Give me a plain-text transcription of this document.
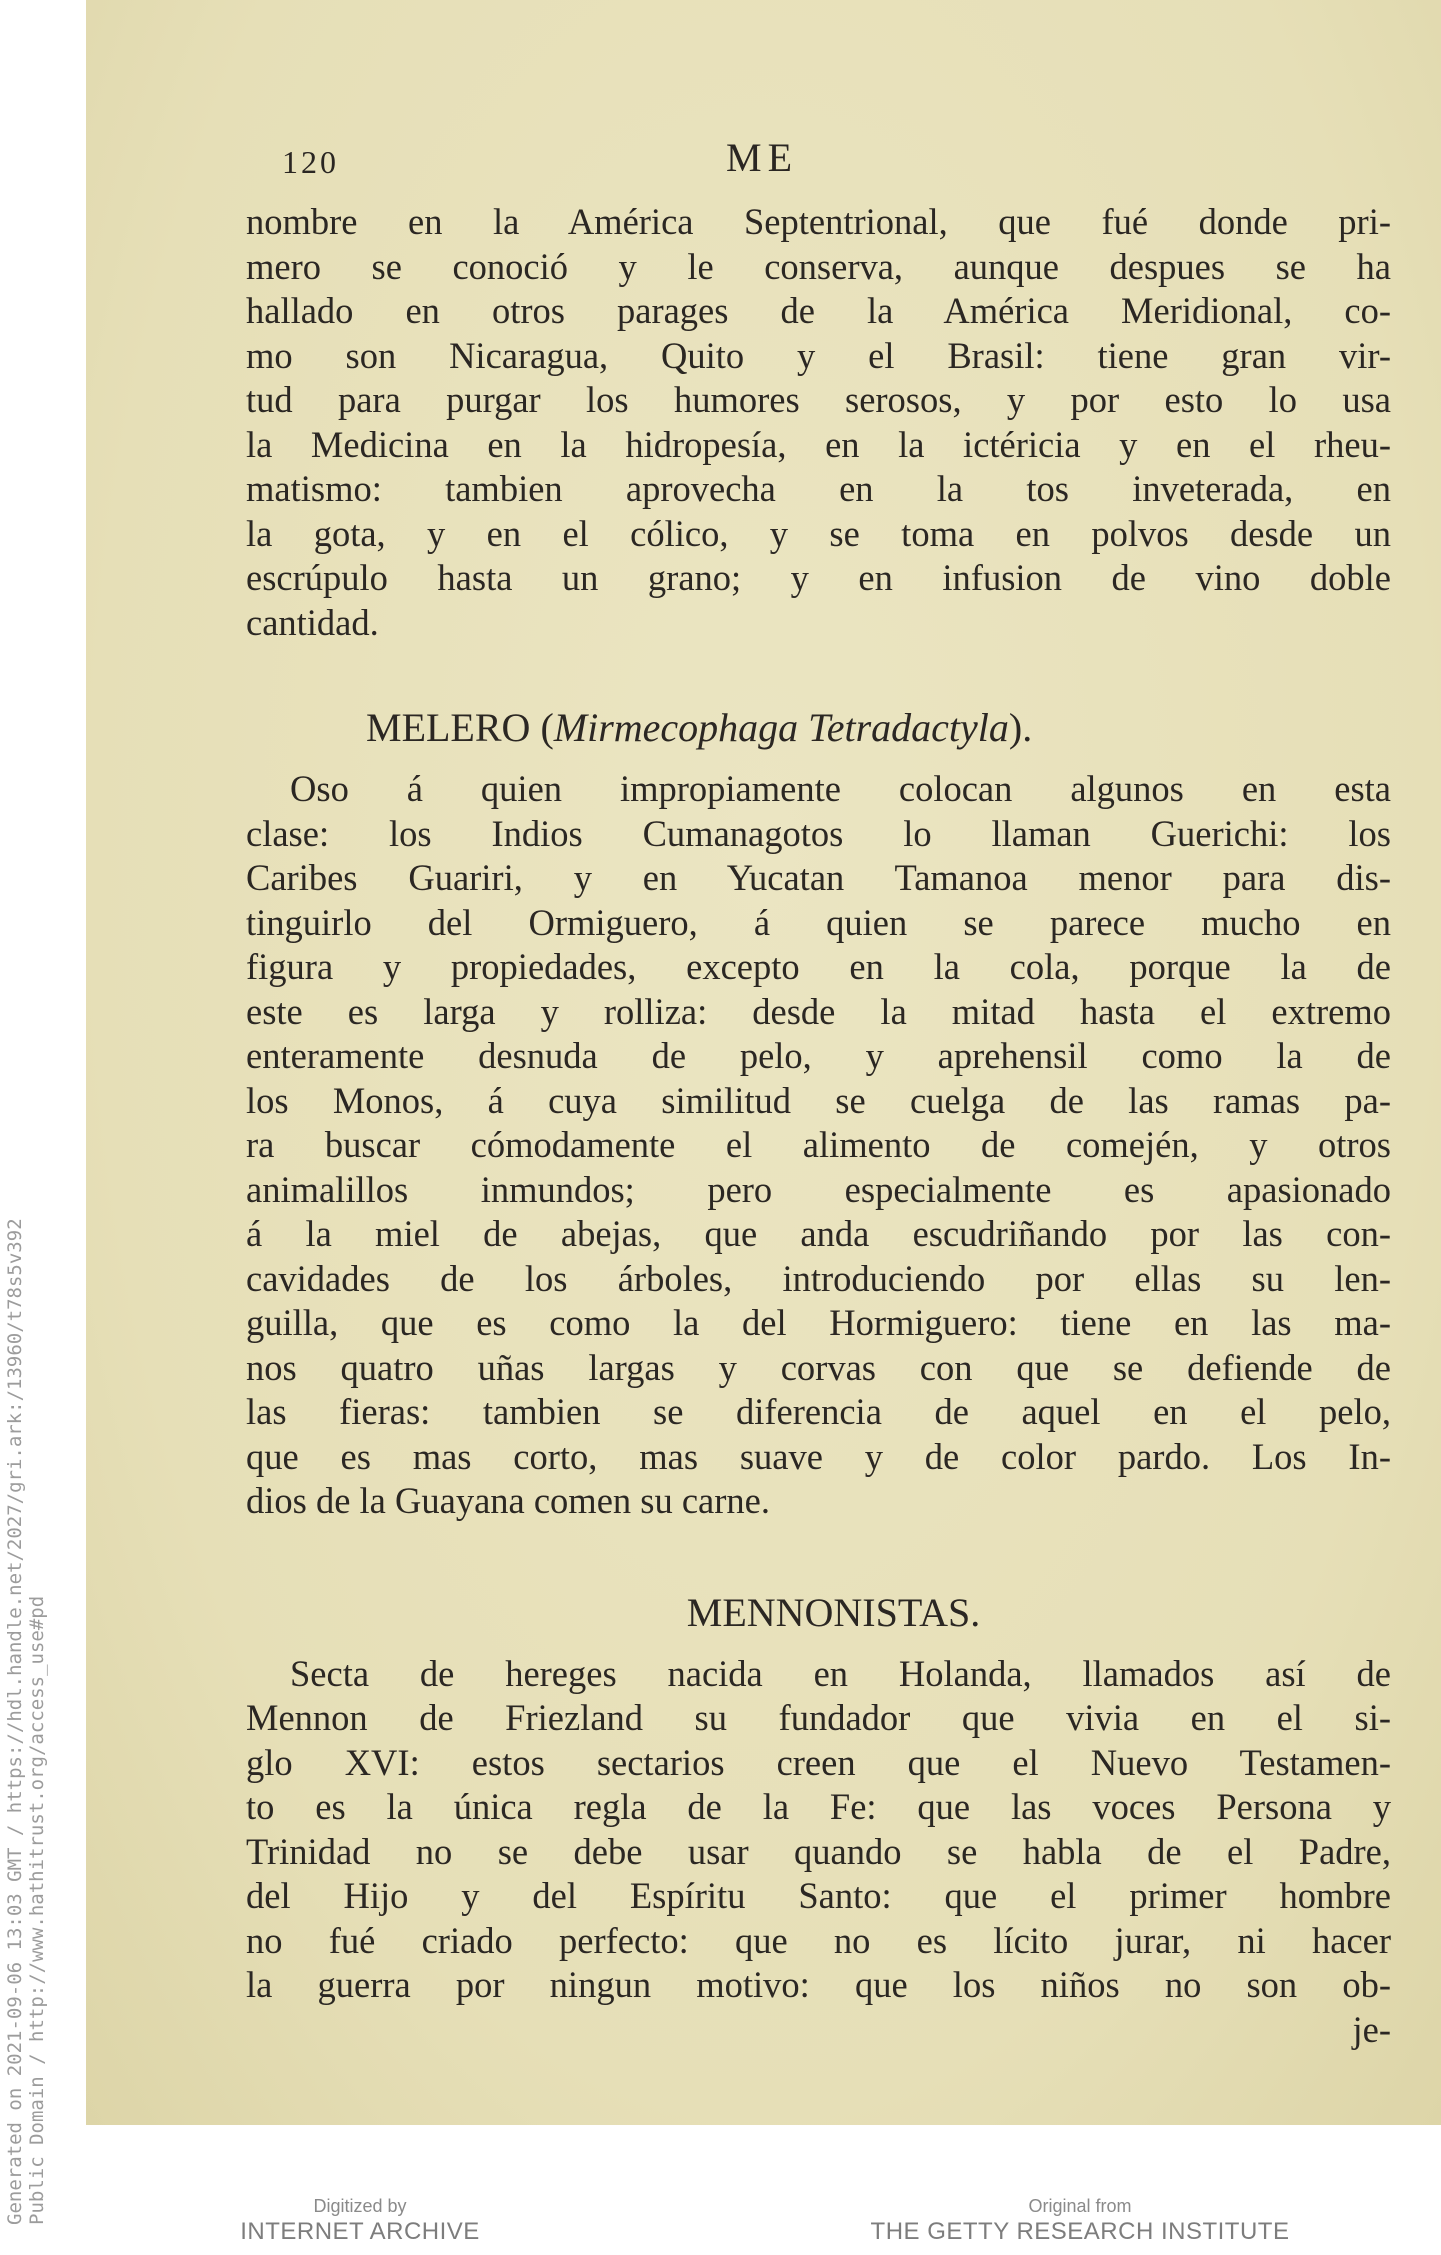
Generated on 2021-09-06 13:03 GMT / https://hdl.handle.net/2027/gri.ark:/13960/t78s5v392 Public Domain / http://www.hathitrust.org/access_use#pd
120	ME
nombre en la América Septentrional, que fué donde pri-
mero se conoció y le conserva, aunque despues se ha
hallado en otros parages de la América Meridional, co-
mo son Nicaragua, Quito y el Brasil: tiene gran vir-
tud para purgar los humores serosos, y por esto lo usa
la Medicina en la hidropesía, en la ictéricia y en el rheu-
matismo: tambien aprovecha en la tos inveterada, en
la gota, y en el cólico, y se toma en polvos desde un
escrúpulo hasta un grano; y en infusion de vino doble
cantidad.
MELERO (Mirmecophaga Tetradactyla).
Oso á quien impropiamente colocan algunos en esta
clase: los Indios Cumanagotos lo llaman Guerichi: los
Caribes Guariri, y en Yucatan Tamanoa menor para dis-
tinguirlo del Ormiguero, á quien se parece mucho en
figura y propiedades, excepto en la cola, porque la de
este es larga y rolliza: desde la mitad hasta el extremo
enteramente desnuda de pelo, y aprehensil como la de
los Monos, á cuya similitud se cuelga de las ramas pa-
ra buscar cómodamente el alimento de comején, y otros
animalillos inmundos; pero especialmente es apasionado
á la miel de abejas, que anda escudriñando por las con-
cavidades de los árboles, introduciendo por ellas su len-
guilla, que es como la del Hormiguero: tiene en las ma-
nos quatro uñas largas y corvas con que se defiende de
las fieras: tambien se diferencia de aquel en el pelo,
que es mas corto, mas suave y de color pardo. Los In-
dios de la Guayana comen su carne.
MENNONISTAS.
Secta de hereges nacida en Holanda, llamados así de
Mennon de Friezland su fundador que vivia en el si-
glo XVI: estos sectarios creen que el Nuevo Testamen-
to es la única regla de la Fe: que las voces Persona y
Trinidad no se debe usar quando se habla de el Padre,
del Hijo y del Espíritu Santo: que el primer hombre
no fué criado perfecto: que no es lícito jurar, ni hacer
la guerra por ningun motivo: que los niños no son ob-
je-
Digitized by
INTERNET ARCHIVE
Original from
THE GETTY RESEARCH INSTITUTE
